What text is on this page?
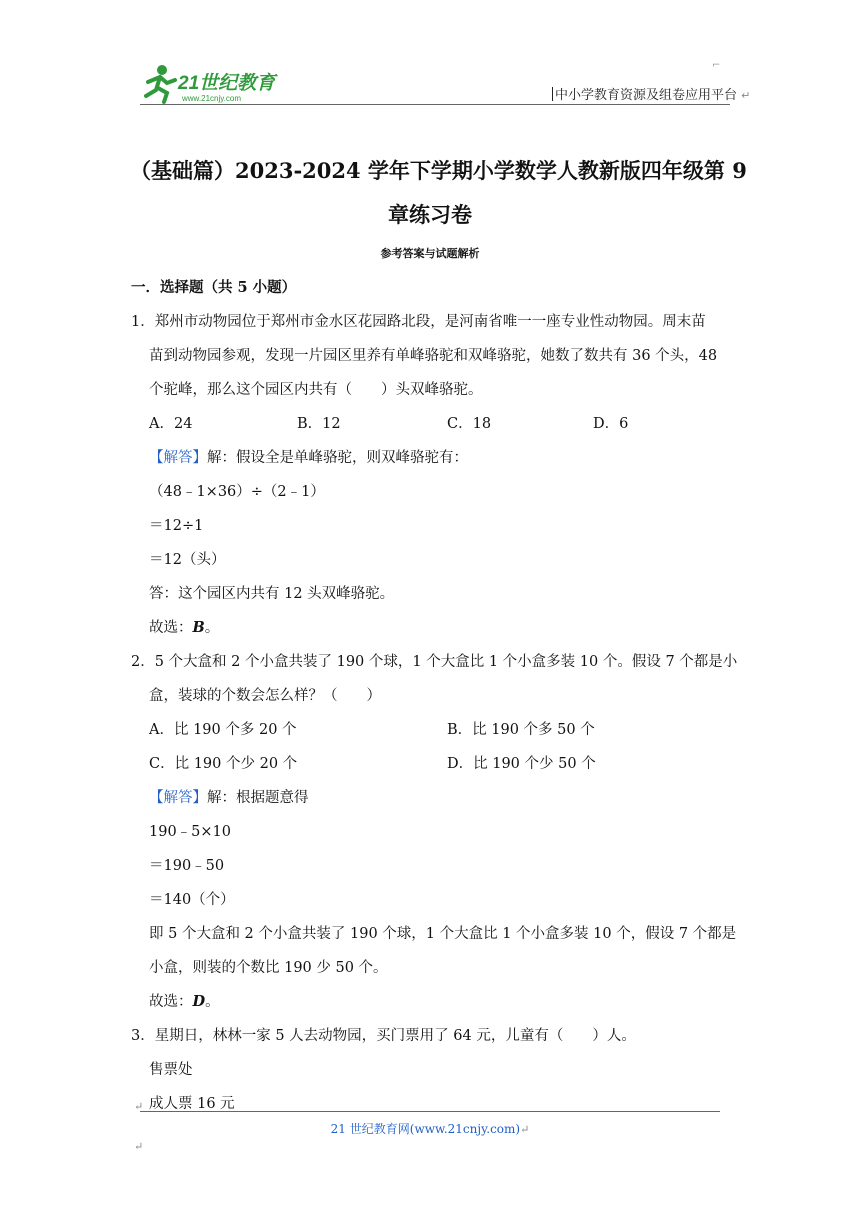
21世纪教育
www.21cnjy.com	中小学教育资源及组卷应用平台 ↵
⌐
（基础篇）2023-2024 学年下学期小学数学人教新版四年级第 9
章练习卷
参考答案与试题解析
一．选择题（共 5 小题）
1．郑州市动物园位于郑州市金水区花园路北段，是河南省唯一一座专业性动物园。周末苗
苗到动物园参观，发现一片园区里养有单峰骆驼和双峰骆驼，她数了数共有 36 个头，48
个驼峰，那么这个园区内共有（　　）头双峰骆驼。
A．24	B．12	C．18	D．6
【解答】解：假设全是单峰骆驼，则双峰骆驼有：
（48﹣1×36）÷（2﹣1）
＝12÷1
＝12（头）
答：这个园区内共有 12 头双峰骆驼。
故选：B。
2．5 个大盒和 2 个小盒共装了 190 个球，1 个大盒比 1 个小盒多装 10 个。假设 7 个都是小
盒，装球的个数会怎么样？（　　）
A．比 190 个多 20 个	B．比 190 个多 50 个
C．比 190 个少 20 个	D．比 190 个少 50 个
【解答】解：根据题意得
190﹣5×10
＝190﹣50
＝140（个）
即 5 个大盒和 2 个小盒共装了 190 个球，1 个大盒比 1 个小盒多装 10 个，假设 7 个都是
小盒，则装的个数比 190 少 50 个。
故选：D。
3．星期日，林林一家 5 人去动物园，买门票用了 64 元，儿童有（　　）人。
售票处
成人票 16 元
↵
21 世纪教育网(www.21cnjy.com)↵
↵
